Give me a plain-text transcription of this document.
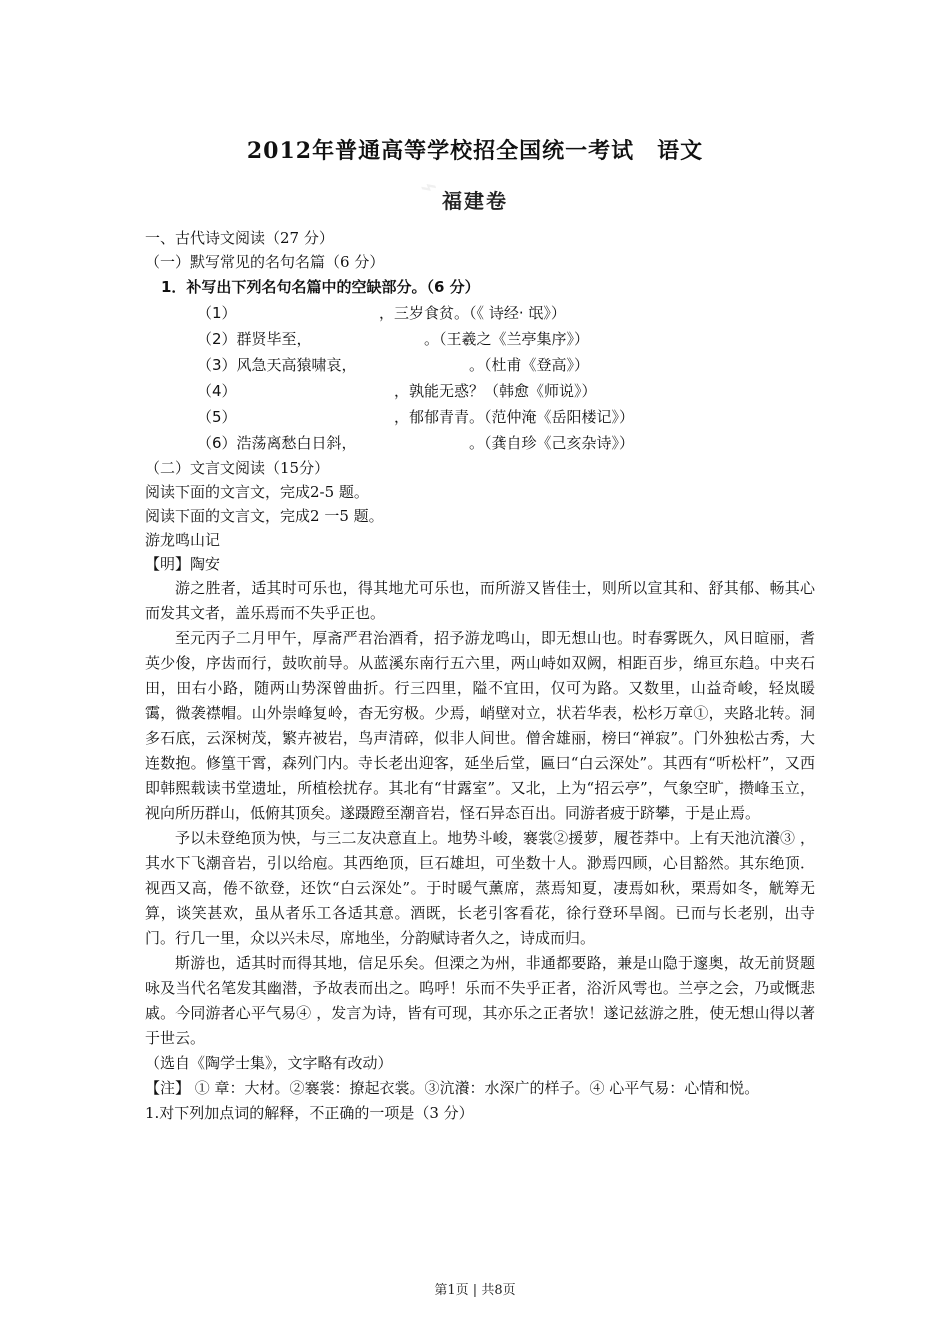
⌁
2012年普通高等学校招全国统一考试　语文
福建卷
一、古代诗文阅读（27 分）
（一）默写常见的名句名篇（6 分）
1．补写出下列名句名篇中的空缺部分。（6 分）
（1）　　　　　　　　　　，三岁食贫。（《 诗经· 氓》）
（2）群贤毕至，　　　　　　　　。（王羲之《兰亭集序》）
（3）风急天高猿啸哀，　　　　　　　　。（杜甫《登高》）
（4）　　　　　　　　　　　，孰能无惑？（韩愈《师说》）
（5）　　　　　　　　　　　，郁郁青青。（范仲淹《岳阳楼记》）
（6）浩荡离愁白日斜，　　　　　　　　。（龚自珍《己亥杂诗》）
（二）文言文阅读（15分）
阅读下面的文言文，完成2-5 题。
阅读下面的文言文，完成2 一5 题。
游龙鸣山记
【明】陶安

游之胜者，适其时可乐也，得其地尤可乐也，而所游又皆佳士，则所以宣其和、舒其郁、畅其心而发其文者，盖乐焉而不失乎正也。

至元丙子二月甲午，厚斋严君治酒肴，招予游龙鸣山，即无想山也。时春雾既久，风日暄丽，耆英少俊，序齿而行，鼓吹前导。从蓝溪东南行五六里，两山峙如双阙，相距百步，绵亘东趋。中夹石田，田右小路，随两山势深曾曲折。行三四里，隘不宜田，仅可为路。又数里，山益奇峻，轻岚暖霭，微袭襟帽。山外崇峰复岭，杳无穷极。少焉，峭壁对立，状若华表，松杉万章①，夹路北转。洞多石底，云深树茂，繁卉被岩，鸟声清碎，似非人间世。僧舍雄丽，榜曰“禅寂”。门外独松古秀，大连数抱。修篁干霄，森列门内。寺长老出迎客，延坐后堂，匾曰“白云深处”。其西有“听松杆”，又西即韩熙载读书堂遗址，所植桧扰存。其北有“甘露室”。又北，上为“招云亭”，气象空旷，攒峰玉立，视向所历群山，低俯其顶矣。遂蹑蹬至潮音岩，怪石异态百出。同游者疲于跻攀，于是止焉。

予以未登绝顶为怏，与三二友决意直上。地势斗峻，褰裳②援萝，履苍莽中。上有天池沆瀁③ ，其水下飞潮音岩，引以给庖。其西绝顶，巨石雄坦，可坐数十人。渺焉四顾，心目豁然。其东绝顶．视西又高，倦不欲登，还饮“白云深处”。于时暖气薰席，蒸焉知夏，凄焉如秋，栗焉如冬，觥筹无算，谈笑甚欢，虽从者乐工各适其意。酒既，长老引客看花，徐行登环旱阁。已而与长老别，出寺门。行几一里，众以兴未尽，席地坐，分韵赋诗者久之，诗成而归。

斯游也，适其时而得其地，信足乐矣。但溧之为州，非通都要路，兼是山隐于邃奥，故无前贤题咏及当代名笔发其幽潜，予故表而出之。呜呼！乐而不失乎正者，浴沂风雩也。兰亭之会，乃或慨悲戚。今同游者心平气易④ ，发言为诗，皆有可现，其亦乐之正者欤！遂记兹游之胜，使无想山得以著于世云。

（选自《陶学士集》，文字略有改动）

【注】 ① 章：大材。②褰裳：撩起衣裳。③沆瀁：水深广的样子。④ 心平气易：心情和悦。

1.对下列加点词的解释，不正确的一项是（3 分）

第1页 | 共8页
